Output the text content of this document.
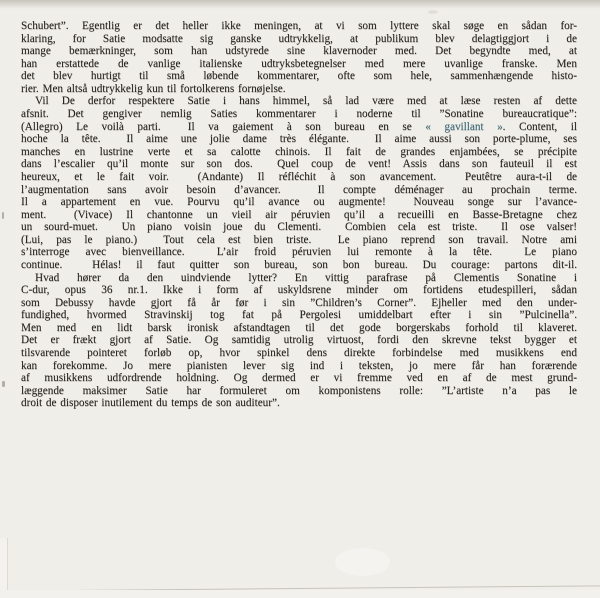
Schubert”. Egentlig er det heller ikke meningen, at vi som lyttere skal søge en sådan for-
klaring, for Satie modsatte sig ganske udtrykkelig, at publikum blev delagtiggjort i de
mange bemærkninger, som han udstyrede sine klavernoder med. Det begyndte med, at
han erstattede de vanlige italienske udtryksbetegnelser med mere uvanlige franske. Men
det blev hurtigt til små løbende kommentarer, ofte som hele, sammenhængende histo-
rier. Men altså udtrykkelig kun til fortolkerens fornøjelse.
Vil De derfor respektere Satie i hans himmel, så lad være med at læse resten af dette
afsnit. Det gengiver nemlig Saties kommentarer i noderne til ”Sonatine bureaucratique”:
(Allegro) Le voilà parti.  Il va gaiement à son bureau en se « gavillant ». Content, il
hoche la tête.  Il aime une jolie dame très élégante.  Il aime aussi son porte-plume, ses
manches en lustrine verte et sa calotte chinois. Il fait de grandes enjambées, se précipite
dans l’escalier qu’il monte sur son dos.  Quel coup de vent! Assis dans son fauteuil il est
heureux, et le fait voir.  (Andante) Il réfléchit à son avancement.  Peutêtre aura-t-il de
l’augmentation sans avoir besoin d’avancer.  Il compte déménager au prochain terme.
Il a appartement en vue. Pourvu qu’il avance ou augmente!  Nouveau songe sur l’avance-
ment.  (Vivace) Il chantonne un vieil air péruvien qu’il a recueilli en Basse-Bretagne chez
un sourd-muet.  Un piano voisin joue du Clementi.  Combien cela est triste.  Il ose valser!
(Lui, pas le piano.)  Tout cela est bien triste.  Le piano reprend son travail. Notre ami
s’interroge avec bienveillance.  L’air froid péruvien lui remonte à la tête.  Le piano
continue.  Hélas! il faut quitter son bureau, son bon bureau. Du courage: partons dit-il.
Hvad hører da den uindviende lytter? En vittig parafrase på Clementis Sonatine i
C-dur, opus 36 nr.1. Ikke i form af uskyldsrene minder om fortidens etudespilleri, sådan
som Debussy havde gjort få år før i sin ”Children’s Corner”. Ejheller med den under-
fundighed, hvormed Stravinskij tog fat på Pergolesi umiddelbart efter i sin ”Pulcinella”.
Men med en lidt barsk ironisk afstandtagen til det gode borgerskabs forhold til klaveret.
Det er frækt gjort af Satie. Og samtidig utrolig virtuost, fordi den skrevne tekst bygger et
tilsvarende pointeret forløb op, hvor spinkel dens direkte forbindelse med musikkens end
kan forekomme. Jo mere pianisten lever sig ind i teksten, jo mere får han forærende
af musikkens udfordrende holdning. Og dermed er vi fremme ved en af de mest grund-
læggende maksimer Satie har formuleret om komponistens rolle: ”L’artiste n’a pas le
droit de disposer inutilement du temps de son auditeur”.
